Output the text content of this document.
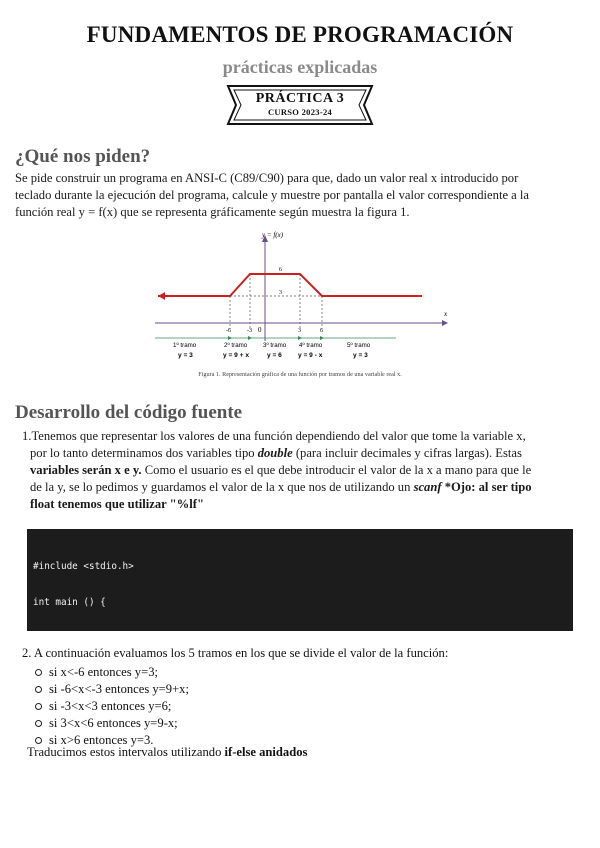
FUNDAMENTOS DE PROGRAMACIÓN
prácticas explicadas
PRÁCTICA 3
CURSO 2023-24
¿Qué nos piden?
Se pide construir un programa en ANSI-C (C89/C90) para que, dado un valor real x introducido por
teclado durante la ejecución del programa, calcule y muestre por pantalla el valor correspondiente a la
función real y = f(x) que se representa gráficamente según muestra la figura 1.
y = f(x)
x
6
3
-6	-3 0	3	6
1º tramo	2º tramo	3º tramo 4º tramo	5º tramo
y = 3	y = 9 + x	y = 6 y = 9 - x	y = 3
Figura 1. Representación gráfica de una función por tramos de una variable real x.
Desarrollo del código fuente
1.Tenemos que representar los valores de una función dependiendo del valor que tome la variable x,
por lo tanto determinamos dos variables tipo double (para incluir decimales y cifras largas). Estas
variables serán x e y. Como el usuario es el que debe introducir el valor de la x a mano para que le
de la y, se lo pedimos y guardamos el valor de la x que nos de utilizando un scanf *Ojo: al ser tipo
float tenemos que utilizar "%lf"

#include <stdio.h>

int main () {

2. A continuación evaluamos los 5 tramos en los que se divide el valor de la función:
si x<-6 entonces y=3;
si -6<x<-3 entonces y=9+x;
si -3<x<3 entonces y=6;
si 3<x<6 entonces y=9-x;
si x>6 entonces y=3.
Traducimos estos intervalos utilizando if-else anidados
